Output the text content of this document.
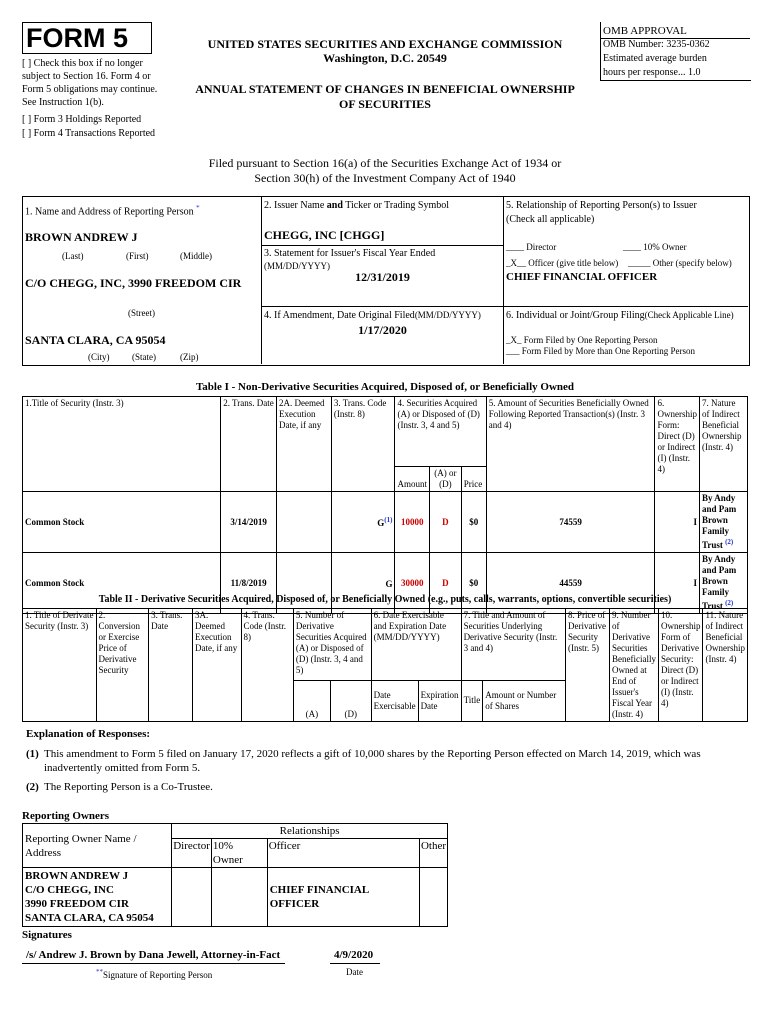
FORM 5
[ ] Check this box if no longer subject to Section 16. Form 4 or Form 5 obligations may continue. See Instruction 1(b).
[ ] Form 3 Holdings Reported
[ ] Form 4 Transactions Reported
UNITED STATES SECURITIES AND EXCHANGE COMMISSION
Washington, D.C. 20549
ANNUAL STATEMENT OF CHANGES IN BENEFICIAL OWNERSHIP
OF SECURITIES
OMB APPROVAL
OMB Number: 3235-0362
Estimated average burden
hours per response... 1.0
Filed pursuant to Section 16(a) of the Securities Exchange Act of 1934 or
Section 30(h) of the Investment Company Act of 1940
1. Name and Address of Reporting Person *
BROWN ANDREW J
(Last)	(First)	(Middle)
C/O CHEGG, INC, 3990 FREEDOM CIR
(Street)
SANTA CLARA, CA 95054
(City)	(State)	(Zip)
2. Issuer Name and Ticker or Trading Symbol
CHEGG, INC [CHGG]
3. Statement for Issuer's Fiscal Year Ended
(MM/DD/YYYY)
12/31/2019
4. If Amendment, Date Original Filed(MM/DD/YYYY)
1/17/2020
5. Relationship of Reporting Person(s) to Issuer
(Check all applicable)
____ Director	____ 10% Owner
_X__ Officer (give title below) _____ Other (specify below)
CHIEF FINANCIAL OFFICER
6. Individual or Joint/Group Filing(Check Applicable Line)
_X_ Form Filed by One Reporting Person
___ Form Filed by More than One Reporting Person
Table I - Non-Derivative Securities Acquired, Disposed of, or Beneficially Owned
1.Title of Security (Instr. 3)	2. Trans. Date	2A. Deemed Execution Date, if any	3. Trans. Code (Instr. 8)	4. Securities Acquired (A) or Disposed of (D) (Instr. 3, 4 and 5)			5. Amount of Securities Beneficially Owned Following Reported Transaction(s) (Instr. 3 and 4)	6. Ownership Form: Direct (D) or Indirect (I) (Instr. 4)	7. Nature of Indirect Beneficial Ownership (Instr. 4)
				Amount	(A) or (D)	Price			
Common Stock	3/14/2019		$G^{(1)}$	10000	D	$0	74559	I	By Andy and Pam Brown Family Trust $^{(2)}$
Common Stock	11/8/2019		G	30000	D	$0	44559	I	By Andy and Pam Brown Family Trust $^{(2)}$
Table II - Derivative Securities Acquired, Disposed of, or Beneficially Owned (e.g., puts, calls, warrants, options, convertible securities)
1. Title of Derivate Security (Instr. 3)	2. Conversion or Exercise Price of Derivative Security	3. Trans. Date	3A. Deemed Execution Date, if any	4. Trans. Code (Instr. 8)	5. Number of Derivative Securities Acquired (A) or Disposed of (D) (Instr. 3, 4 and 5)		6. Date Exercisable and Expiration Date (MM/DD/YYYY)		7. Title and Amount of Securities Underlying Derivative Security (Instr. 3 and 4)		8. Price of Derivative Security (Instr. 5)	9. Number of Derivative Securities Beneficially Owned at End of Issuer's Fiscal Year (Instr. 4)	10. Ownership Form of Derivative Security: Direct (D) or Indirect (I) (Instr. 4)	11. Nature of Indirect Beneficial Ownership (Instr. 4)
					(A)	(D)	Date Exercisable	Expiration Date	Title	Amount or Number of Shares				
Explanation of Responses:
(1) This amendment to Form 5 filed on January 17, 2020 reflects a gift of 10,000 shares by the Reporting Person effected on March 14, 2019, which was inadvertently omitted from Form 5.
(2) The Reporting Person is a Co-Trustee.
Reporting Owners
Reporting Owner Name / Address	Relationships			
	Director	10% Owner	Officer	Other

BROWN ANDREW J
C/O CHEGG, INC
3990 FREEDOM CIR
SANTA CLARA, CA 95054			CHIEF FINANCIAL OFFICER	
Signatures
/s/ Andrew J. Brown by Dana Jewell, Attorney-in-Fact
**Signature of Reporting Person
4/9/2020
Date
